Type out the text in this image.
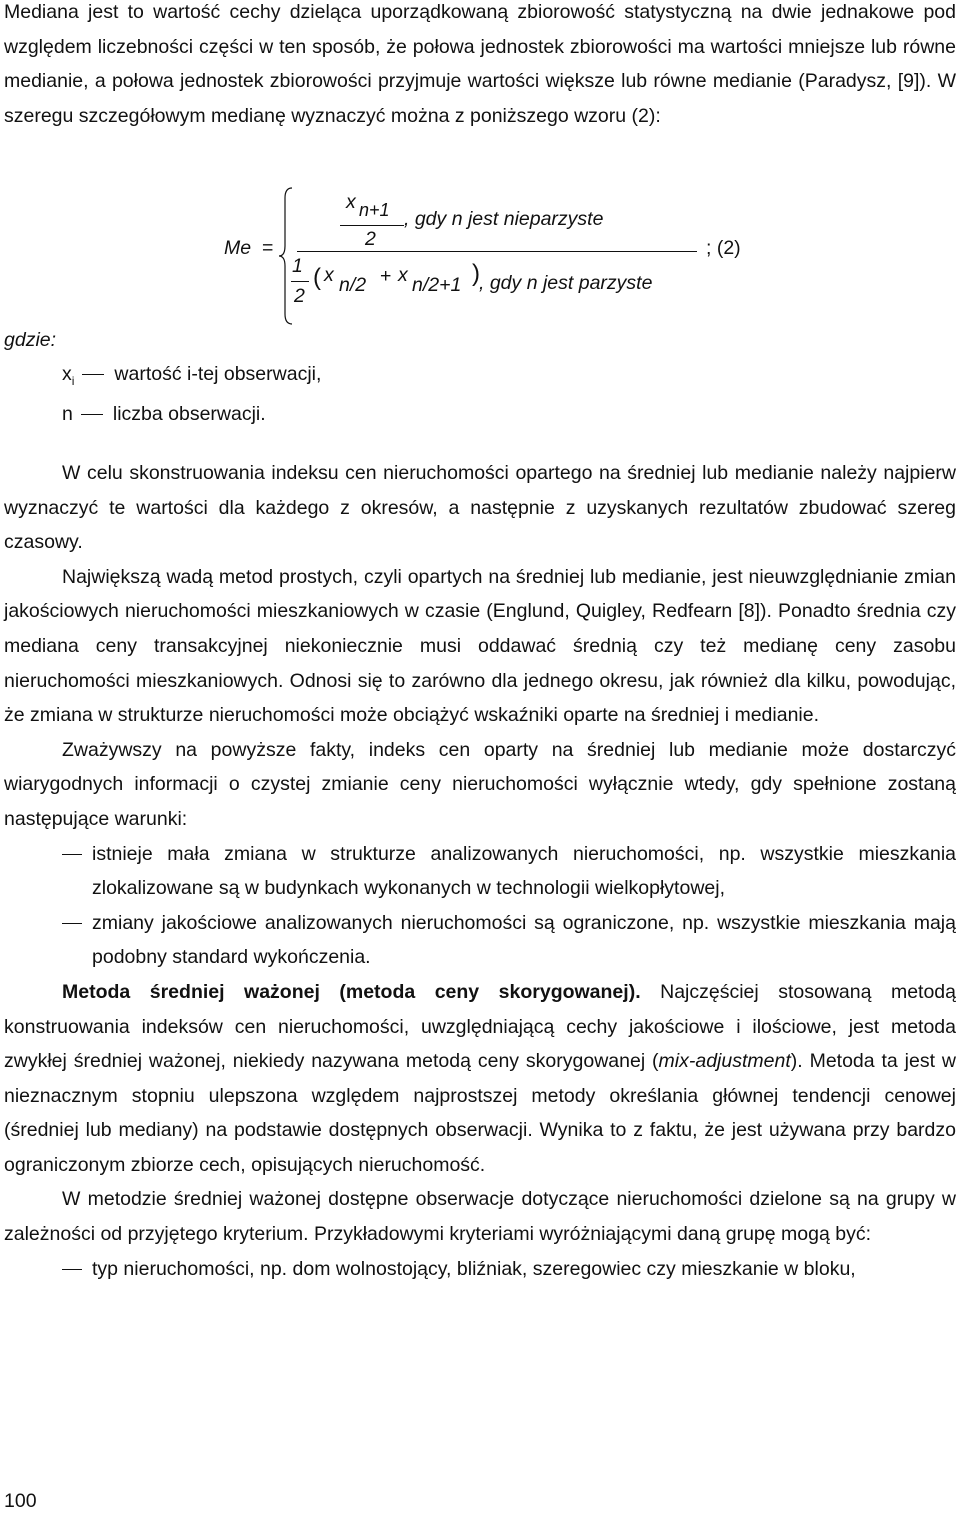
Mediana jest to wartość cechy dzieląca uporządkowaną zbiorowość statystyczną na dwie jednakowe pod względem liczebności części w ten sposób, że połowa jednostek zbiorowości ma wartości mniejsze lub równe medianie, a połowa jednostek zbiorowości przyjmuje wartości większe lub równe medianie (Paradysz, [9]). W szeregu szczegółowym medianę wyznaczyć można z poniższego wzoru (2):

Me =
x n+1
2
, gdy n jest nieparzyste
; (2)
1
2
( x n/2 + x n/2+1 ) , gdy n jest parzyste
gdzie:
$x_i$ wartość i-tej obserwacji,
n liczba obserwacji.

W celu skonstruowania indeksu cen nieruchomości opartego na średniej lub medianie należy najpierw wyznaczyć te wartości dla każdego z okresów, a następnie z uzyskanych rezultatów zbudować szereg czasowy.

Największą wadą metod prostych, czyli opartych na średniej lub medianie, jest nieuwzględnianie zmian jakościowych nieruchomości mieszkaniowych w czasie (Englund, Quigley, Redfearn [8]). Ponadto średnia czy mediana ceny transakcyjnej niekoniecznie musi oddawać średnią czy też medianę ceny zasobu nieruchomości mieszkaniowych. Odnosi się to zarówno dla jednego okresu, jak również dla kilku, powodując, że zmiana w strukturze nieruchomości może obciążyć wskaźniki oparte na średniej i medianie.

Zważywszy na powyższe fakty, indeks cen oparty na średniej lub medianie może dostarczyć wiarygodnych informacji o czystej zmianie ceny nieruchomości wyłącznie wtedy, gdy spełnione zostaną następujące warunki:

istnieje mała zmiana w strukturze analizowanych nieruchomości, np. wszystkie mieszkania zlokalizowane są w budynkach wykonanych w technologii wielkopłytowej,

zmiany jakościowe analizowanych nieruchomości są ograniczone, np. wszystkie mieszkania mają podobny standard wykończenia.

Metoda średniej ważonej (metoda ceny skorygowanej). Najczęściej stosowaną metodą konstruowania indeksów cen nieruchomości, uwzględniającą cechy jakościowe i ilościowe, jest metoda zwykłej średniej ważonej, niekiedy nazywana metodą ceny skorygowanej (mix-adjustment). Metoda ta jest w nieznacznym stopniu ulepszona względem najprostszej metody określania głównej tendencji cenowej (średniej lub mediany) na podstawie dostępnych obserwacji. Wynika to z faktu, że jest używana przy bardzo ograniczonym zbiorze cech, opisujących nieruchomość.

W metodzie średniej ważonej dostępne obserwacje dotyczące nieruchomości dzielone są na grupy w zależności od przyjętego kryterium. Przykładowymi kryteriami wyróżniającymi daną grupę mogą być:

typ nieruchomości, np. dom wolnostojący, bliźniak, szeregowiec czy mieszkanie w bloku,

100
